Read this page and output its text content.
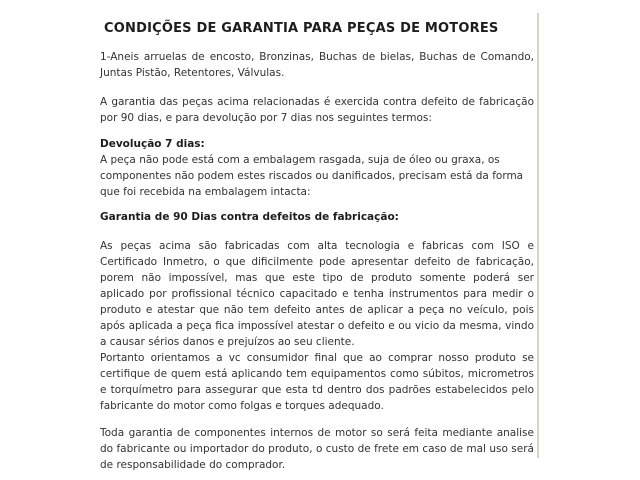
CONDIÇÕES DE GARANTIA PARA PEÇAS DE MOTORES

1-Aneis arruelas de encosto, Bronzinas, Buchas de bielas, Buchas de Comando, Juntas Pistão, Retentores, Válvulas.

A garantia das peças acima relacionadas é exercida contra defeito de fabricação por 90 dias, e para devolução por 7 dias nos seguintes termos:

Devolução 7 dias:

A peça não pode está com a embalagem rasgada, suja de óleo ou graxa, os componentes não podem estes riscados ou danificados, precisam está da forma que foi recebida na embalagem intacta:

Garantia de 90 Dias contra defeitos de fabricação:

As peças acima são fabricadas com alta tecnologia e fabricas com ISO e Certificado Inmetro, o que dificilmente pode apresentar defeito de fabricação, porem não impossível, mas que este tipo de produto somente poderá ser aplicado por profissional técnico capacitado e tenha instrumentos para medir o produto e atestar que não tem defeito antes de aplicar a peça no veículo, pois após aplicada a peça fica impossível atestar o defeito e ou vicio da mesma, vindo a causar sérios danos e prejuízos ao seu cliente.

Portanto orientamos a vc consumidor final que ao comprar nosso produto se certifique de quem está aplicando tem equipamentos como súbitos, micrometros e torquímetro para assegurar que esta td dentro dos padrões estabelecidos pelo fabricante do motor como folgas e torques adequado.

Toda garantia de componentes internos de motor so será feita mediante analise do fabricante ou importador do produto, o custo de frete em caso de mal uso será de responsabilidade do comprador.
